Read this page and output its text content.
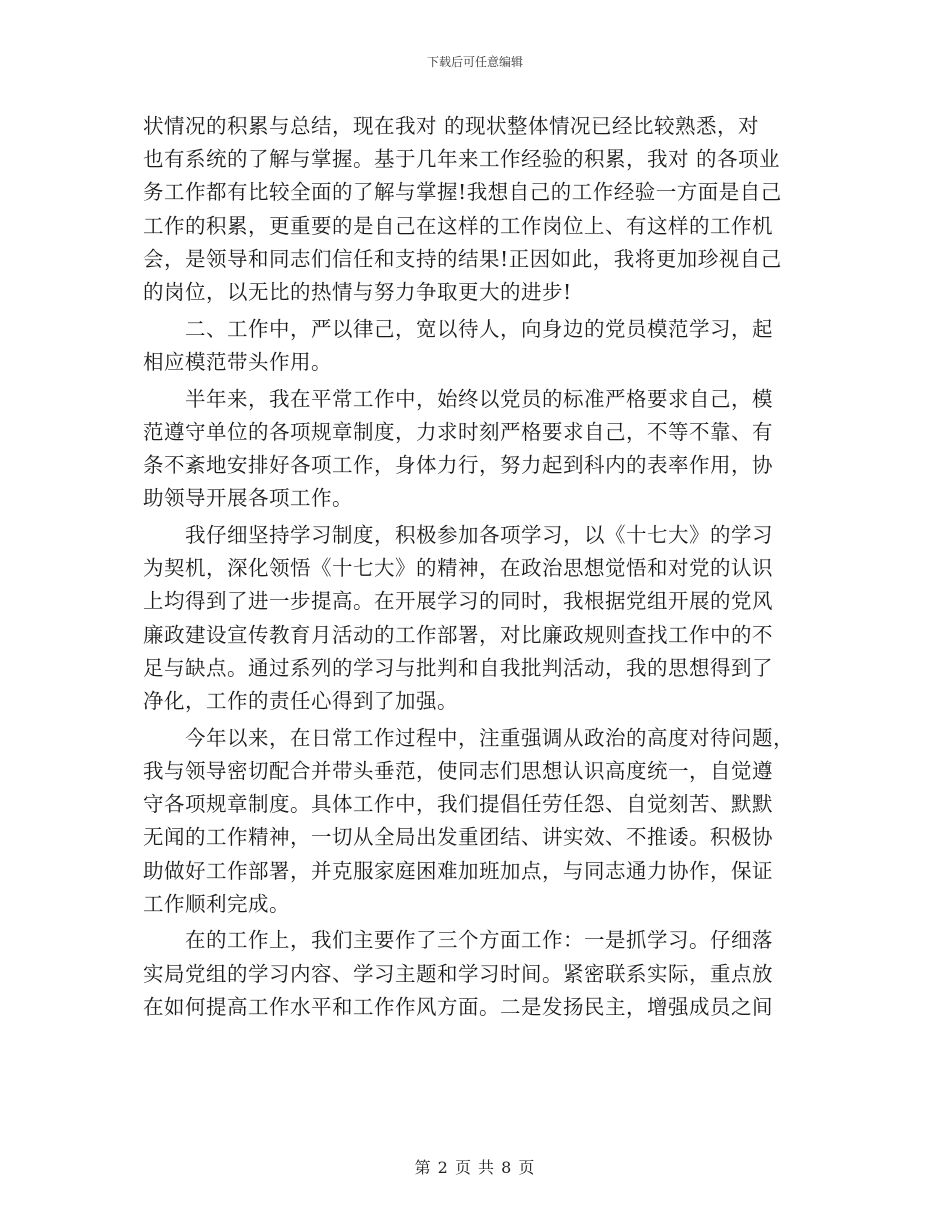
下载后可任意编辑
状情况的积累与总结，现在我对 的现状整体情况已经比较熟悉，对
也有系统的了解与掌握。基于几年来工作经验的积累，我对 的各项业
务工作都有比较全面的了解与掌握!我想自己的工作经验一方面是自己
工作的积累，更重要的是自己在这样的工作岗位上、有这样的工作机
会，是领导和同志们信任和支持的结果!正因如此，我将更加珍视自己
的岗位，以无比的热情与努力争取更大的进步!
　　二、工作中，严以律己，宽以待人，向身边的党员模范学习，起
相应模范带头作用。
　　半年来，我在平常工作中，始终以党员的标准严格要求自己，模
范遵守单位的各项规章制度，力求时刻严格要求自己，不等不靠、有
条不紊地安排好各项工作，身体力行，努力起到科内的表率作用，协
助领导开展各项工作。
　　我仔细坚持学习制度，积极参加各项学习，以《十七大》的学习
为契机，深化领悟《十七大》的精神，在政治思想觉悟和对党的认识
上均得到了进一步提高。在开展学习的同时，我根据党组开展的党风
廉政建设宣传教育月活动的工作部署，对比廉政规则查找工作中的不
足与缺点。通过系列的学习与批判和自我批判活动，我的思想得到了
净化，工作的责任心得到了加强。
　　今年以来，在日常工作过程中，注重强调从政治的高度对待问题，
我与领导密切配合并带头垂范，使同志们思想认识高度统一，自觉遵
守各项规章制度。具体工作中，我们提倡任劳任怨、自觉刻苦、默默
无闻的工作精神，一切从全局出发重团结、讲实效、不推诿。积极协
助做好工作部署，并克服家庭困难加班加点，与同志通力协作，保证
工作顺利完成。
　　在的工作上，我们主要作了三个方面工作：一是抓学习。仔细落
实局党组的学习内容、学习主题和学习时间。紧密联系实际，重点放
在如何提高工作水平和工作作风方面。二是发扬民主，增强成员之间
第 2 页 共 8 页
